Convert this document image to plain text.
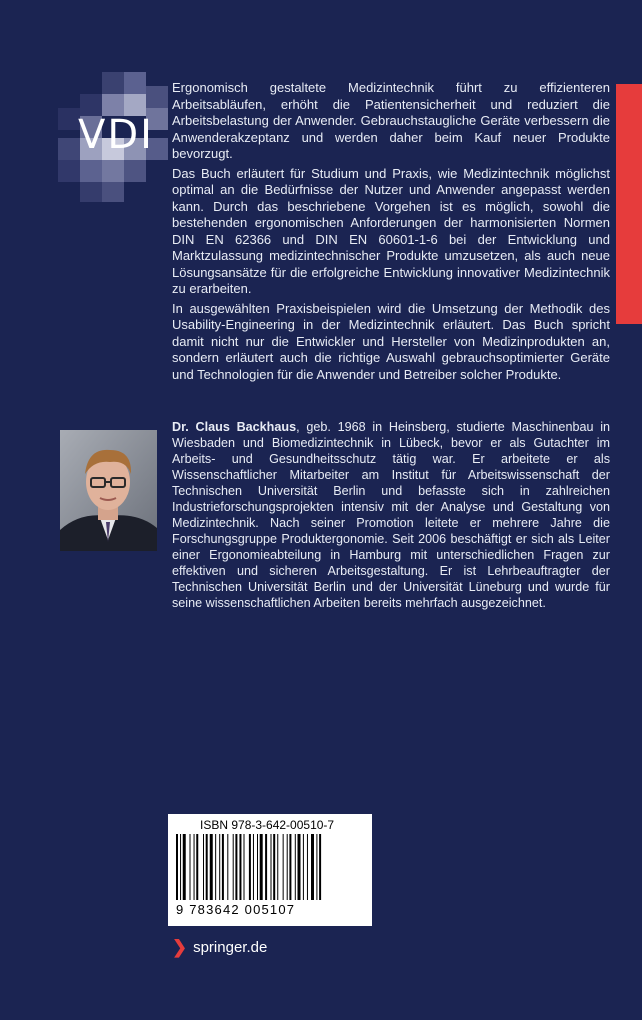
VDI

Ergonomisch gestaltete Medizintechnik führt zu effizienteren Arbeitsabläufen, erhöht die Patientensicherheit und reduziert die Arbeitsbelastung der Anwender. Gebrauchstaugliche Geräte verbessern die Anwenderakzeptanz und werden daher beim Kauf neuer Produkte bevorzugt.

Das Buch erläutert für Studium und Praxis, wie Medizintechnik möglichst optimal an die Bedürfnisse der Nutzer und Anwender angepasst werden kann. Durch das beschriebene Vorgehen ist es möglich, sowohl die bestehenden ergonomischen Anforderungen der harmonisierten Normen DIN EN 62366 und DIN EN 60601-1-6 bei der Entwicklung und Marktzulassung medizintechnischer Produkte umzusetzen, als auch neue Lösungsansätze für die erfolgreiche Entwicklung innovativer Medizintechnik zu erarbeiten.

In ausgewählten Praxisbeispielen wird die Umsetzung der Methodik des Usability-Engineering in der Medizintechnik erläutert. Das Buch spricht damit nicht nur die Entwickler und Hersteller von Medizinprodukten an, sondern erläutert auch die richtige Auswahl gebrauchsoptimierter Geräte und Technologien für die Anwender und Betreiber solcher Produkte.

Dr. Claus Backhaus, geb. 1968 in Heinsberg, studierte Maschinenbau in Wiesbaden und Biomedizintechnik in Lübeck, bevor er als Gutachter im Arbeits- und Gesundheitsschutz tätig war. Er arbeitete er als Wissenschaftlicher Mitarbeiter am Institut für Arbeitswissenschaft der Technischen Universität Berlin und befasste sich in zahlreichen Industrieforschungsprojekten intensiv mit der Analyse und Gestaltung von Medizintechnik. Nach seiner Promotion leitete er mehrere Jahre die Forschungsgruppe Produktergonomie. Seit 2006 beschäftigt er sich als Leiter einer Ergonomieabteilung in Hamburg mit unterschiedlichen Fragen zur effektiven und sicheren Arbeitsgestaltung. Er ist Lehrbeauftragter der Technischen Universität Berlin und der Universität Lüneburg und wurde für seine wissenschaftlichen Arbeiten bereits mehrfach ausgezeichnet.
ISBN 978-3-642-00510-7
9 783642 005107
❯ springer.de
